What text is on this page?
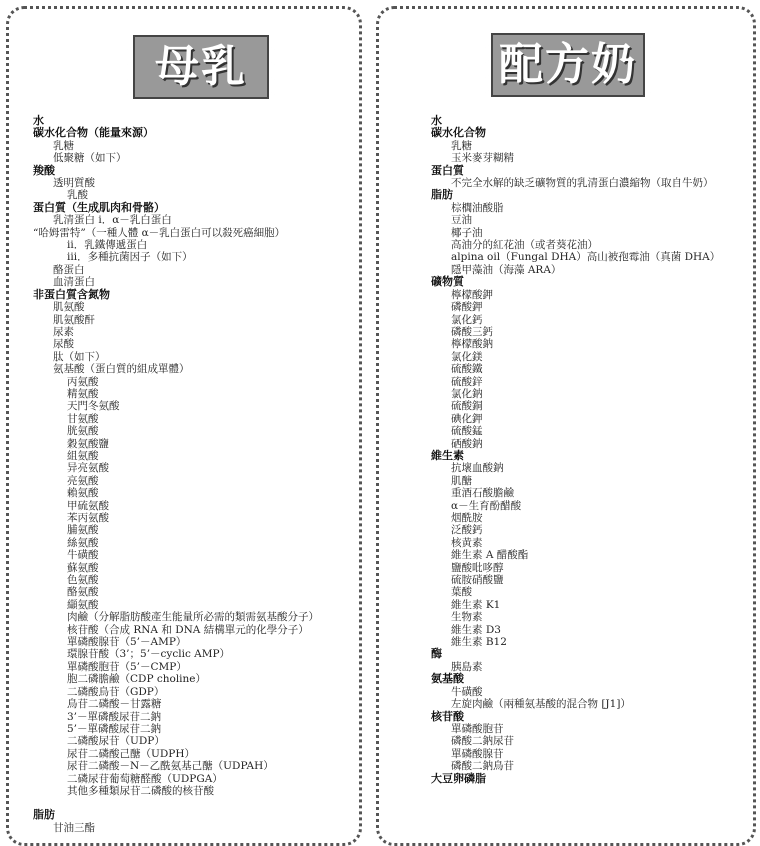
母乳
水
碳水化合物（能量來源）
乳糖
低聚糖（如下）
羧酸
透明質酸
乳酸
蛋白質（生成肌肉和骨骼）
乳清蛋白 i．α－乳白蛋白
“哈姆雷特”（一種人體 α－乳白蛋白可以殺死癌細胞）
ii．乳鐵傳遞蛋白
iii．多種抗菌因子（如下）
酪蛋白
血清蛋白
非蛋白質含氮物
肌氨酸
肌氨酸酐
尿素
尿酸
肽（如下）
氨基酸（蛋白質的組成單體）
丙氨酸
精氨酸
天門冬氨酸
甘氨酸
胱氨酸
穀氨酸鹽
組氨酸
异亮氨酸
亮氨酸
賴氨酸
甲硫氨酸
苯丙氨酸
脯氨酸
絲氨酸
牛磺酸
蘇氨酸
色氨酸
酪氨酸
纈氨酸
肉鹼（分解脂肪酸產生能量所必需的類需氨基酸分子）
核苷酸（合成 RNA 和 DNA 結構單元的化學分子）
單磷酸腺苷（5’－AMP）
環腺苷酸（3’；5’－cyclic AMP）
單磷酸胞苷（5’－CMP）
胞二磷膽鹼（CDP choline）
二磷酸鳥苷（GDP）
鳥苷二磷酸－甘露糖
3’－單磷酸尿苷二鈉
5’－單磷酸尿苷二鈉
二磷酸尿苷（UDP）
尿苷二磷酸己醣（UDPH）
尿苷二磷酸－N－乙酰氨基己醣（UDPAH）
二磷尿苷葡萄糖醛酸（UDPGA）
其他多種類尿苷二磷酸的核苷酸
脂肪
甘油三酯
配方奶
水
碳水化合物
乳糖
玉米麥芽糊精
蛋白質
不完全水解的缺乏礦物質的乳清蛋白濃縮物（取自牛奶）
脂肪
棕櫚油酸脂
豆油
椰子油
高油分的紅花油（或者葵花油）
alpina oil（Fungal DHA）高山被孢霉油（真菌 DHA）
隱甲藻油（海藻 ARA）
礦物質
檸檬酸鉀
磷酸鉀
氯化鈣
磷酸三鈣
檸檬酸鈉
氯化鎂
硫酸鐵
硫酸鋅
氯化鈉
硫酸銅
碘化鉀
硫酸錳
硒酸鈉
維生素
抗壞血酸鈉
肌醣
重酒石酸膽鹼
α－生育酚醋酸
烟酰胺
泛酸鈣
核黄素
維生素 A 醋酸酯
鹽酸吡哆醇
硫胺硝酸鹽
葉酸
維生素 K1
生物素
維生素 D3
維生素 B12
酶
胰島素
氨基酸
牛磺酸
左旋肉鹼（兩種氨基酸的混合物 [J1]）
核苷酸
單磷酸胞苷
磷酸二鈉尿苷
單磷酸腺苷
磷酸二鈉鳥苷
大豆卵磷脂
